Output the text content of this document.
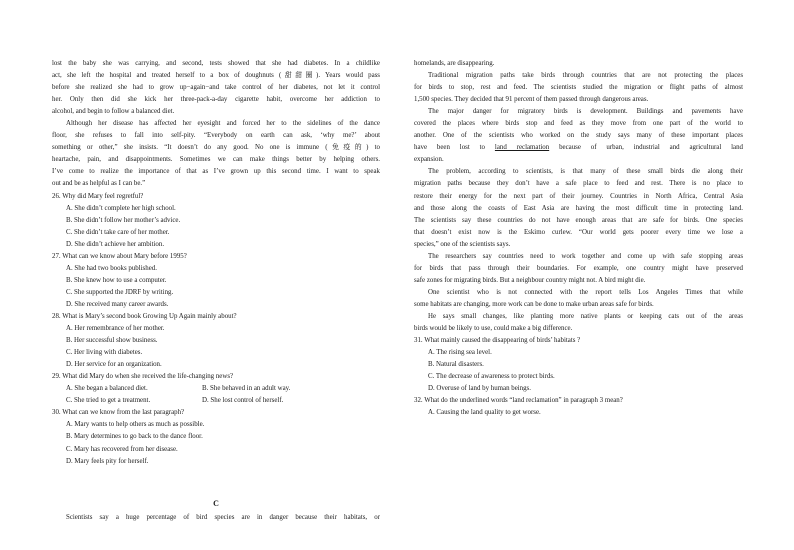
lost the baby she was carrying, and second, tests showed that she had diabetes. In a childlike
act, she left the hospital and treated herself to a box of doughnuts (甜甜圈). Years would pass
before she realized she had to grow up−again−and take control of her diabetes, not let it control
her. Only then did she kick her three-pack-a-day cigarette habit, overcome her addiction to
alcohol, and begin to follow a balanced diet.
Although her disease has affected her eyesight and forced her to the sidelines of the dance
floor, she refuses to fall into self-pity. “Everybody on earth can ask, ‘why me?’ about
something or other,” she insists. “It doesn’t do any good. No one is immune (免疫的) to
heartache, pain, and disappointments. Sometimes we can make things better by helping others.
I’ve come to realize the importance of that as I’ve grown up this second time. I want to speak
out and be as helpful as I can be.”
26. Why did Mary feel regretful?
A. She didn’t complete her high school.
B. She didn’t follow her mother’s advice.
C. She didn’t take care of her mother.
D. She didn’t achieve her ambition.
27. What can we know about Mary before 1995?
A. She had two books published.
B. She knew how to use a computer.
C. She supported the JDRF by writing.
D. She received many career awards.
28. What is Mary’s second book Growing Up Again mainly about?
A. Her remembrance of her mother.
B. Her successful show business.
C. Her living with diabetes.
D. Her service for an organization.
29. What did Mary do when she received the life-changing news?
A. She began a balanced diet.	B. She behaved in an adult way.
C. She tried to get a treatment.	D. She lost control of herself.
30. What can we know from the last paragraph?
A. Mary wants to help others as much as possible.
B. Mary determines to go back to the dance floor.
C. Mary has recovered from her disease.
D. Mary feels pity for herself.
C
Scientists say a huge percentage of bird species are in danger because their habitats, or
homelands, are disappearing.
Traditional migration paths take birds through countries that are not protecting the places
for birds to stop, rest and feed. The scientists studied the migration or flight paths of almost
1,500 species. They decided that 91 percent of them passed through dangerous areas.
The major danger for migratory birds is development. Buildings and pavements have
covered the places where birds stop and feed as they move from one part of the world to
another. One of the scientists who worked on the study says many of these important places
have been lost to land reclamation because of urban, industrial and agricultural land
expansion.
The problem, according to scientists, is that many of these small birds die along their
migration paths because they don’t have a safe place to feed and rest. There is no place to
restore their energy for the next part of their journey. Countries in North Africa, Central Asia
and those along the coasts of East Asia are having the most difficult time in protecting land.
The scientists say these countries do not have enough areas that are safe for birds. One species
that doesn’t exist now is the Eskimo curlew. “Our world gets poorer every time we lose a
species,” one of the scientists says.
The researchers say countries need to work together and come up with safe stopping areas
for birds that pass through their boundaries. For example, one country might have preserved
safe zones for migrating birds. But a neighbour country might not. A bird might die.
One scientist who is not connected with the report tells Los Angeles Times that while
some habitats are changing, more work can be done to make urban areas safe for birds.
He says small changes, like planting more native plants or keeping cats out of the areas
birds would be likely to use, could make a big difference.
31. What mainly caused the disappearing of birds’ habitats ?
A. The rising sea level.
B. Natural disasters.
C. The decrease of awareness to protect birds.
D. Overuse of land by human beings.
32. What do the underlined words “land reclamation” in paragraph 3 mean?
A. Causing the land quality to get worse.
